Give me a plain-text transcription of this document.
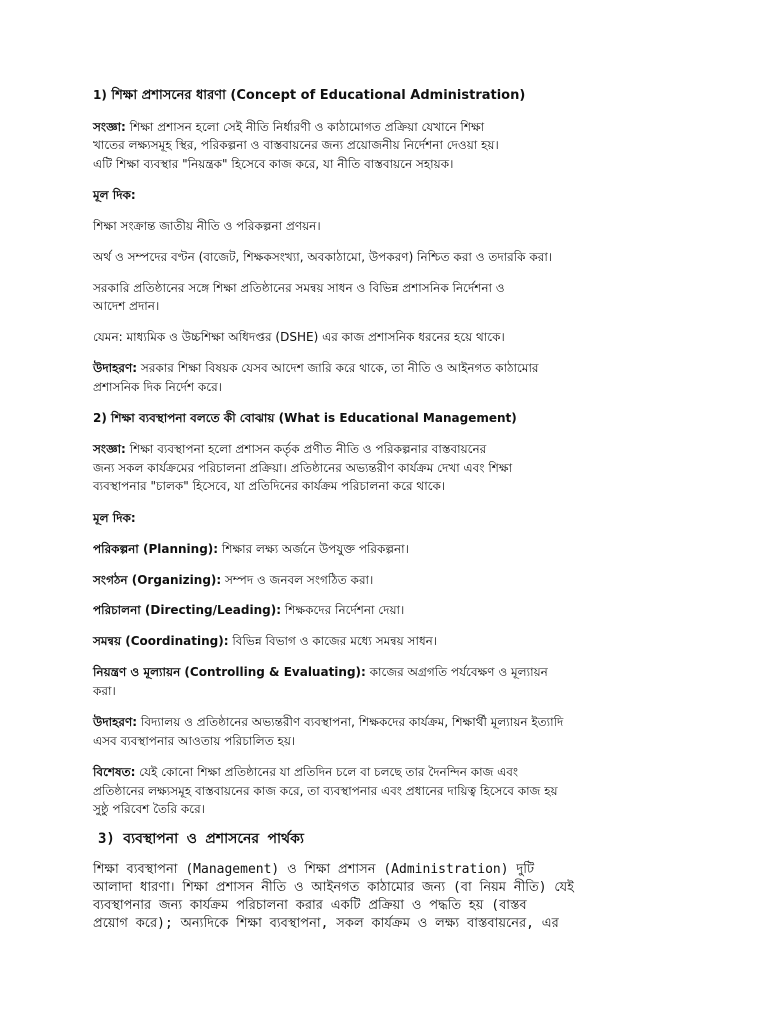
1) শিক্ষা প্রশাসনের ধারণা (Concept of Educational Administration)
সংজ্ঞা: শিক্ষা প্রশাসন হলো সেই নীতি নির্ধারণী ও কাঠামোগত প্রক্রিয়া যেখানে শিক্ষা
খাতের লক্ষ্যসমূহ স্থির, পরিকল্পনা ও বাস্তবায়নের জন্য প্রয়োজনীয় নির্দেশনা দেওয়া হয়।
এটি শিক্ষা ব্যবস্থার "নিয়ন্ত্রক" হিসেবে কাজ করে, যা নীতি বাস্তবায়নে সহায়ক।
মূল দিক:
শিক্ষা সংক্রান্ত জাতীয় নীতি ও পরিকল্পনা প্রণয়ন।
অর্থ ও সম্পদের বণ্টন (বাজেট, শিক্ষকসংখ্যা, অবকাঠামো, উপকরণ) নিশ্চিত করা ও তদারকি করা।
সরকারি প্রতিষ্ঠানের সঙ্গে শিক্ষা প্রতিষ্ঠানের সমন্বয় সাধন ও বিভিন্ন প্রশাসনিক নির্দেশনা ও
আদেশ প্রদান।
যেমন: মাধ্যমিক ও উচ্চশিক্ষা অধিদপ্তর (DSHE) এর কাজ প্রশাসনিক ধরনের হয়ে থাকে।
উদাহরণ: সরকার শিক্ষা বিষয়ক যেসব আদেশ জারি করে থাকে, তা নীতি ও আইনগত কাঠামোর
প্রশাসনিক দিক নির্দেশ করে।
2) শিক্ষা ব্যবস্থাপনা বলতে কী বোঝায় (What is Educational Management)
সংজ্ঞা: শিক্ষা ব্যবস্থাপনা হলো প্রশাসন কর্তৃক প্রণীত নীতি ও পরিকল্পনার বাস্তবায়নের
জন্য সকল কার্যক্রমের পরিচালনা প্রক্রিয়া। প্রতিষ্ঠানের অভ্যন্তরীণ কার্যক্রম দেখা এবং শিক্ষা
ব্যবস্থাপনার "চালক" হিসেবে, যা প্রতিদিনের কার্যক্রম পরিচালনা করে থাকে।
মূল দিক:
পরিকল্পনা (Planning): শিক্ষার লক্ষ্য অর্জনে উপযুক্ত পরিকল্পনা।
সংগঠন (Organizing): সম্পদ ও জনবল সংগঠিত করা।
পরিচালনা (Directing/Leading): শিক্ষকদের নির্দেশনা দেয়া।
সমন্বয় (Coordinating): বিভিন্ন বিভাগ ও কাজের মধ্যে সমন্বয় সাধন।
নিয়ন্ত্রণ ও মূল্যায়ন (Controlling & Evaluating): কাজের অগ্রগতি পর্যবেক্ষণ ও মূল্যায়ন
করা।
উদাহরণ: বিদ্যালয় ও প্রতিষ্ঠানের অভ্যন্তরীণ ব্যবস্থাপনা, শিক্ষকদের কার্যক্রম, শিক্ষার্থী মূল্যায়ন ইত্যাদি
এসব ব্যবস্থাপনার আওতায় পরিচালিত হয়।
বিশেষত: যেই কোনো শিক্ষা প্রতিষ্ঠানের যা প্রতিদিন চলে বা চলছে তার দৈনন্দিন কাজ এবং
প্রতিষ্ঠানের লক্ষ্যসমূহ বাস্তবায়নের কাজ করে, তা ব্যবস্থাপনার এবং প্রধানের দায়িত্ব হিসেবে কাজ হয়
সুষ্ঠু পরিবেশ তৈরি করে।
3) ব্যবস্থাপনা ও প্রশাসনের পার্থক্য
শিক্ষা ব্যবস্থাপনা (Management) ও শিক্ষা প্রশাসন (Administration) দুটি
আলাদা ধারণা। শিক্ষা প্রশাসন নীতি ও আইনগত কাঠামোর জন্য (বা নিয়ম নীতি) যেই
ব্যবস্থাপনার জন্য কার্যক্রম পরিচালনা করার একটি প্রক্রিয়া ও পদ্ধতি হয় (বাস্তব
প্রয়োগ করে); অন্যদিকে শিক্ষা ব্যবস্থাপনা, সকল কার্যক্রম ও লক্ষ্য বাস্তবায়নের, এর
